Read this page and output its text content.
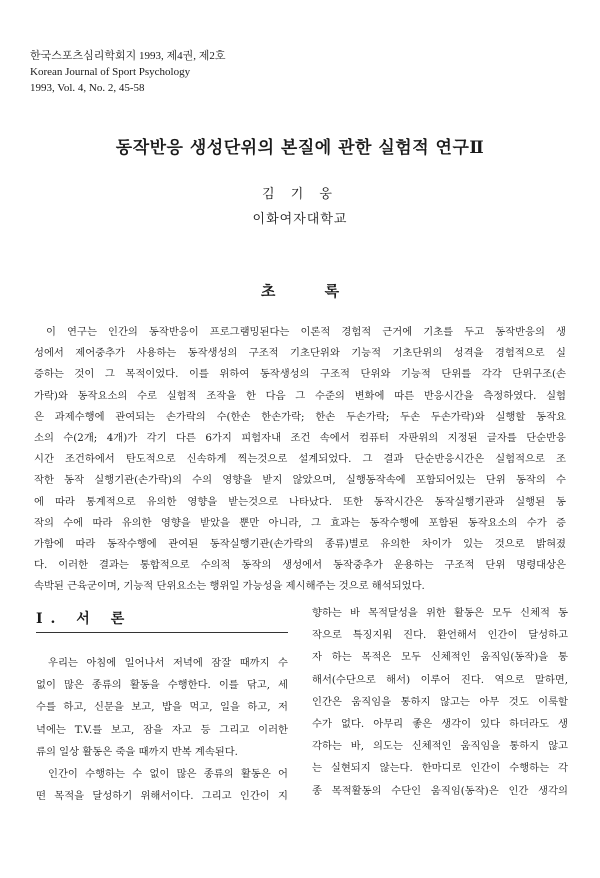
한국스포츠심리학회지 1993, 제4권, 제2호
Korean Journal of Sport Psychology
1993, Vol. 4, No. 2, 45-58
동작반응 생성단위의 본질에 관한 실험적 연구Ⅱ
김 기 웅
이화여자대학교
초 록
이 연구는 인간의 동작반응이 프로그램밍된다는 이론적 경험적 근거에 기초를 두고 동작반응의 생
성에서 제어중추가 사용하는 동작생성의 구조적 기초단위와 기능적 기초단위의 성격을 경험적으로 실
증하는 것이 그 목적이었다. 이를 위하여 동작생성의 구조적 단위와 기능적 단위를 각각 단위구조(손
가락)와 동작요소의 수로 실험적 조작을 한 다음 그 수준의 변화에 따른 반응시간을 측정하였다. 실험
은 과제수행에 관여되는 손가락의 수(한손 한손가락; 한손 두손가락; 두손 두손가락)와 실행할 동작요
소의 수(2개; 4개)가 각기 다른 6가지 피험자내 조건 속에서 컴퓨터 자판위의 지정된 글자를 단순반응
시간 조건하에서 탄도적으로 신속하게 찍는것으로 설계되었다. 그 결과 단순반응시간은 실험적으로 조
작한 동작 실행기관(손가락)의 수의 영향을 받지 않았으며, 실행동작속에 포함되어있는 단위 동작의 수
에 따라 통계적으로 유의한 영향을 받는것으로 나타났다. 또한 동작시간은 동작실행기관과 실행된 동
작의 수에 따라 유의한 영향을 받았을 뿐만 아니라, 그 효과는 동작수행에 포함된 동작요소의 수가 증
가함에 따라 동작수행에 관여된 동작실행기관(손가락의 종류)별로 유의한 차이가 있는 것으로 밝혀졌
다. 이러한 결과는 통합적으로 수의적 동작의 생성에서 동작중추가 운용하는 구조적 단위 명령대상은
속박된 근육군이며, 기능적 단위요소는 행위일 가능성을 제시해주는 것으로 해석되었다.
Ⅰ. 서 론
우리는 아침에 일어나서 저녁에 잠잘 때까지 수
없이 많은 종류의 활동을 수행한다. 이를 닦고, 세
수를 하고, 신문을 보고, 밥을 먹고, 일을 하고, 저
녁에는 T.V.를 보고, 잠을 자고 등 그리고 이러한
류의 일상 활동은 죽을 때까지 반복 계속된다.
인간이 수행하는 수 없이 많은 종류의 활동은 어
떤 목적을 달성하기 위해서이다. 그리고 인간이 지
향하는 바 목적달성을 위한 활동은 모두 신체적 동
작으로 특징지워 진다. 환언해서 인간이 달성하고
자 하는 목적은 모두 신체적인 움직임(동작)을 통
해서(수단으로 해서) 이루어 진다. 역으로 말하면,
인간은 움직임을 통하지 않고는 아무 것도 이룩할
수가 없다. 아무리 좋은 생각이 있다 하더라도 생
각하는 바, 의도는 신체적인 움직임을 통하지 않고
는 실현되지 않는다. 한마디로 인간이 수행하는 각
종 목적활동의 수단인 움직임(동작)은 인간 생각의
